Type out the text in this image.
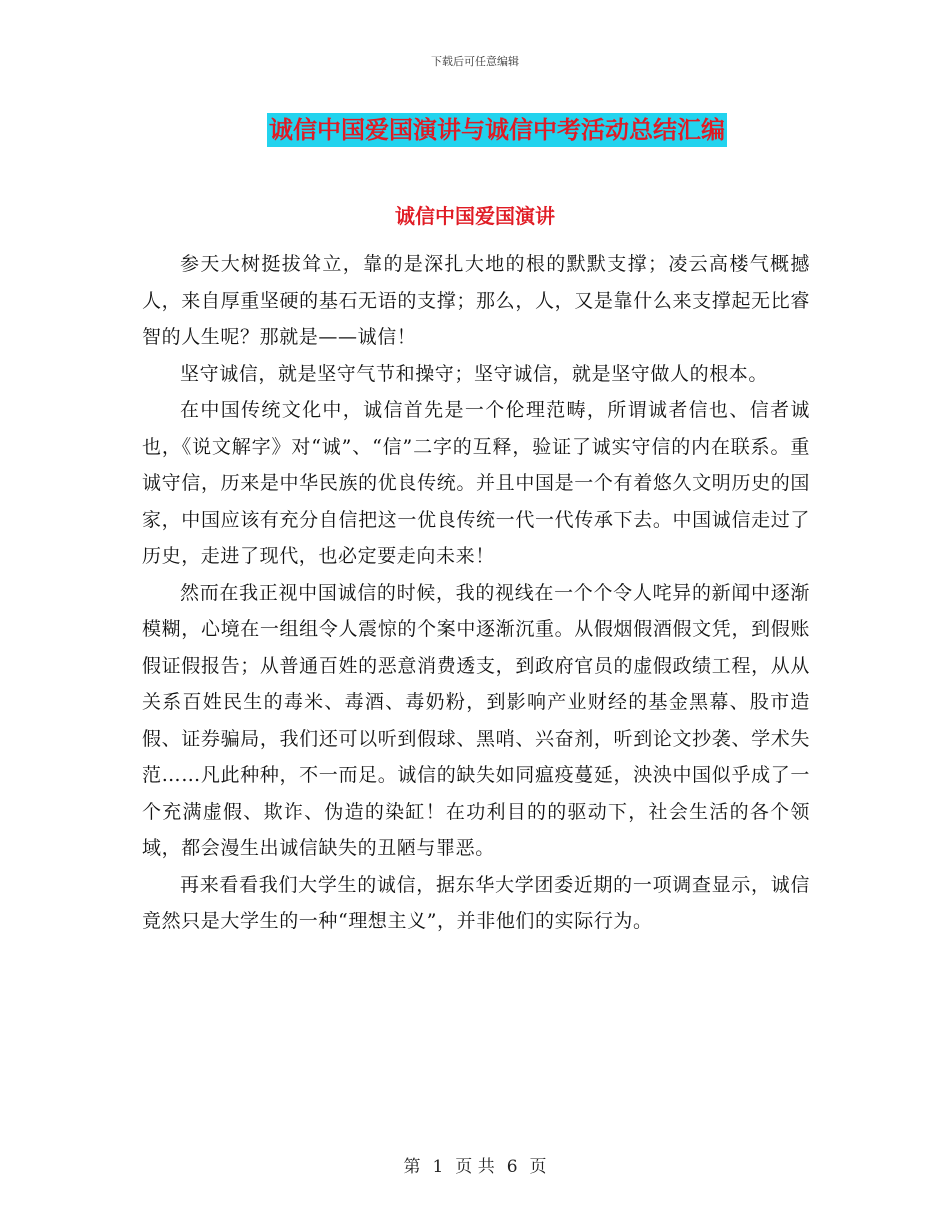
下载后可任意编辑
诚信中国爱国演讲与诚信中考活动总结汇编
诚信中国爱国演讲

参天大树挺拔耸立，靠的是深扎大地的根的默默支撑；凌云高楼气概撼人，来自厚重坚硬的基石无语的支撑；那么，人，又是靠什么来支撑起无比睿智的人生呢？那就是——诚信！

坚守诚信，就是坚守气节和操守；坚守诚信，就是坚守做人的根本。

在中国传统文化中，诚信首先是一个伦理范畴，所谓诚者信也、信者诚也，《说文解字》对“诚”、“信”二字的互释，验证了诚实守信的内在联系。重诚守信，历来是中华民族的优良传统。并且中国是一个有着悠久文明历史的国家，中国应该有充分自信把这一优良传统一代一代传承下去。中国诚信走过了历史，走进了现代，也必定要走向未来！

然而在我正视中国诚信的时候，我的视线在一个个令人咤异的新闻中逐渐模糊，心境在一组组令人震惊的个案中逐渐沉重。从假烟假酒假文凭，到假账假证假报告；从普通百姓的恶意消费透支，到政府官员的虚假政绩工程，从从关系百姓民生的毒米、毒酒、毒奶粉，到影响产业财经的基金黑幕、股市造假、证券骗局，我们还可以听到假球、黑哨、兴奋剂，听到论文抄袭、学术失范……凡此种种，不一而足。诚信的缺失如同瘟疫蔓延，泱泱中国似乎成了一个充满虚假、欺诈、伪造的染缸！在功利目的的驱动下，社会生活的各个领域，都会漫生出诚信缺失的丑陋与罪恶。

再来看看我们大学生的诚信，据东华大学团委近期的一项调查显示，诚信竟然只是大学生的一种“理想主义”，并非他们的实际行为。

第 1 页 共 6 页
